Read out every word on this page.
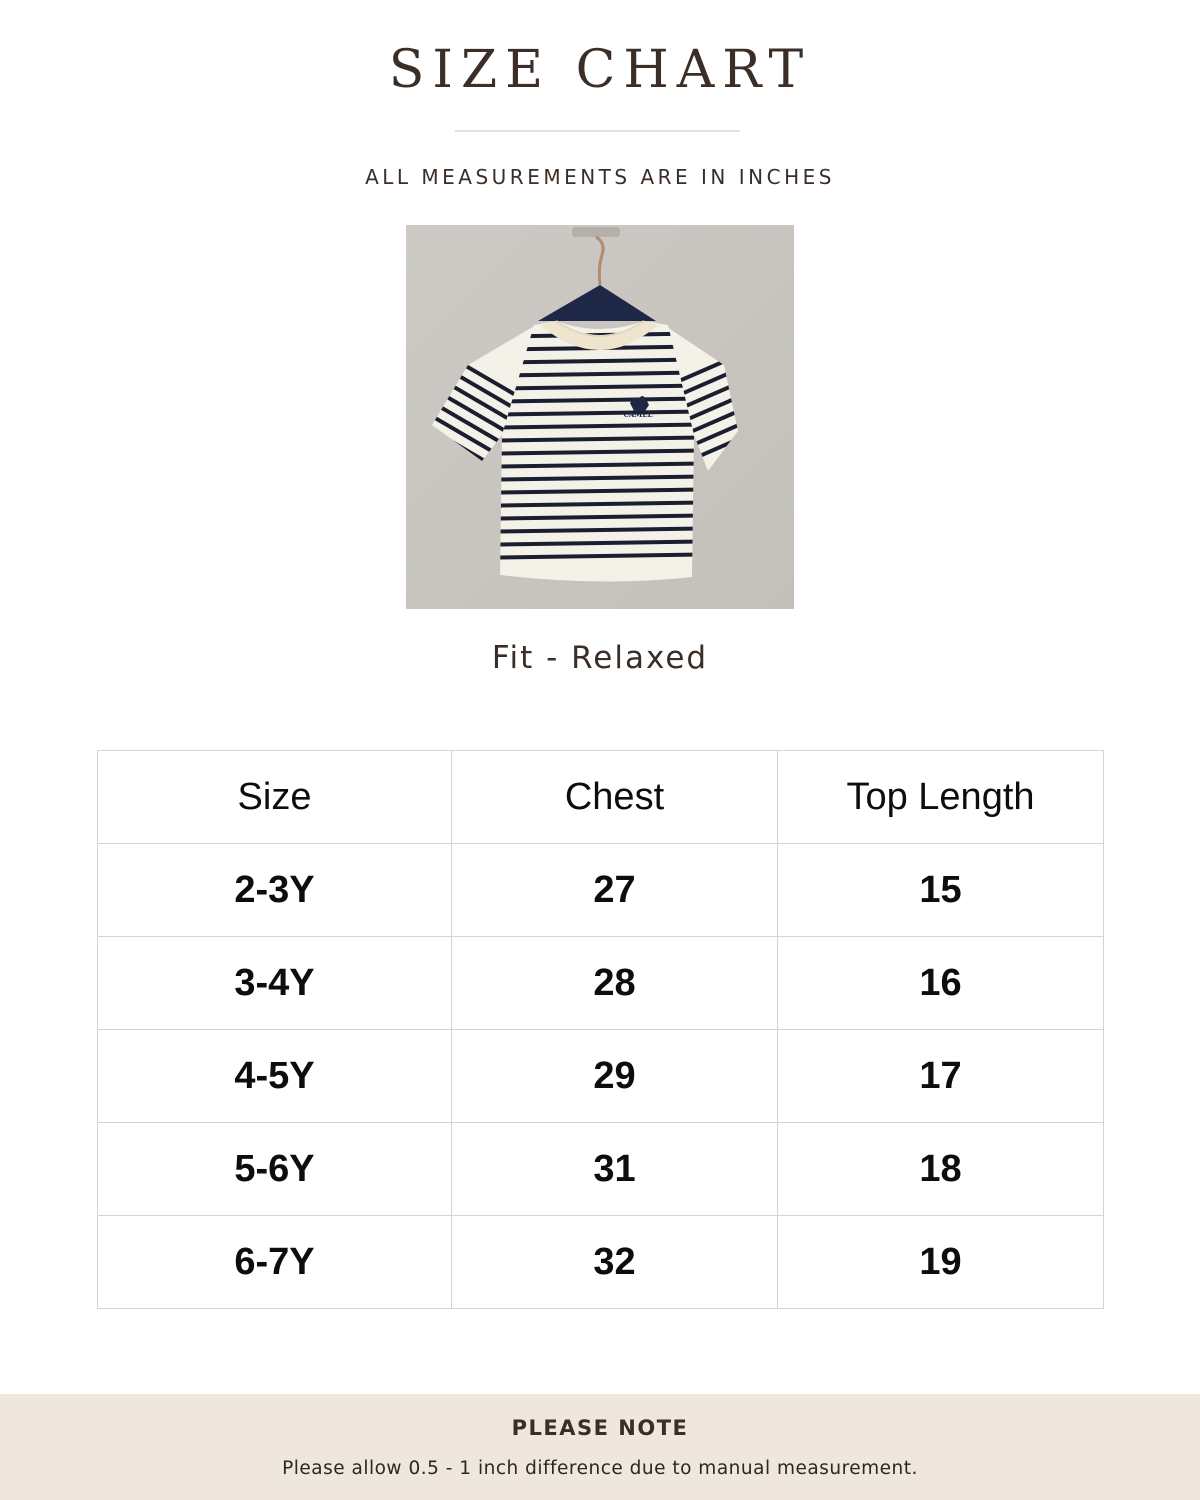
SIZE CHART
ALL MEASUREMENTS ARE IN INCHES
CAMEL
Fit - Relaxed
Size	Chest	Top Length
2-3Y	27	15
3-4Y	28	16
4-5Y	29	17
5-6Y	31	18
6-7Y	32	19
PLEASE NOTE
Please allow 0.5 - 1 inch difference due to manual measurement.
